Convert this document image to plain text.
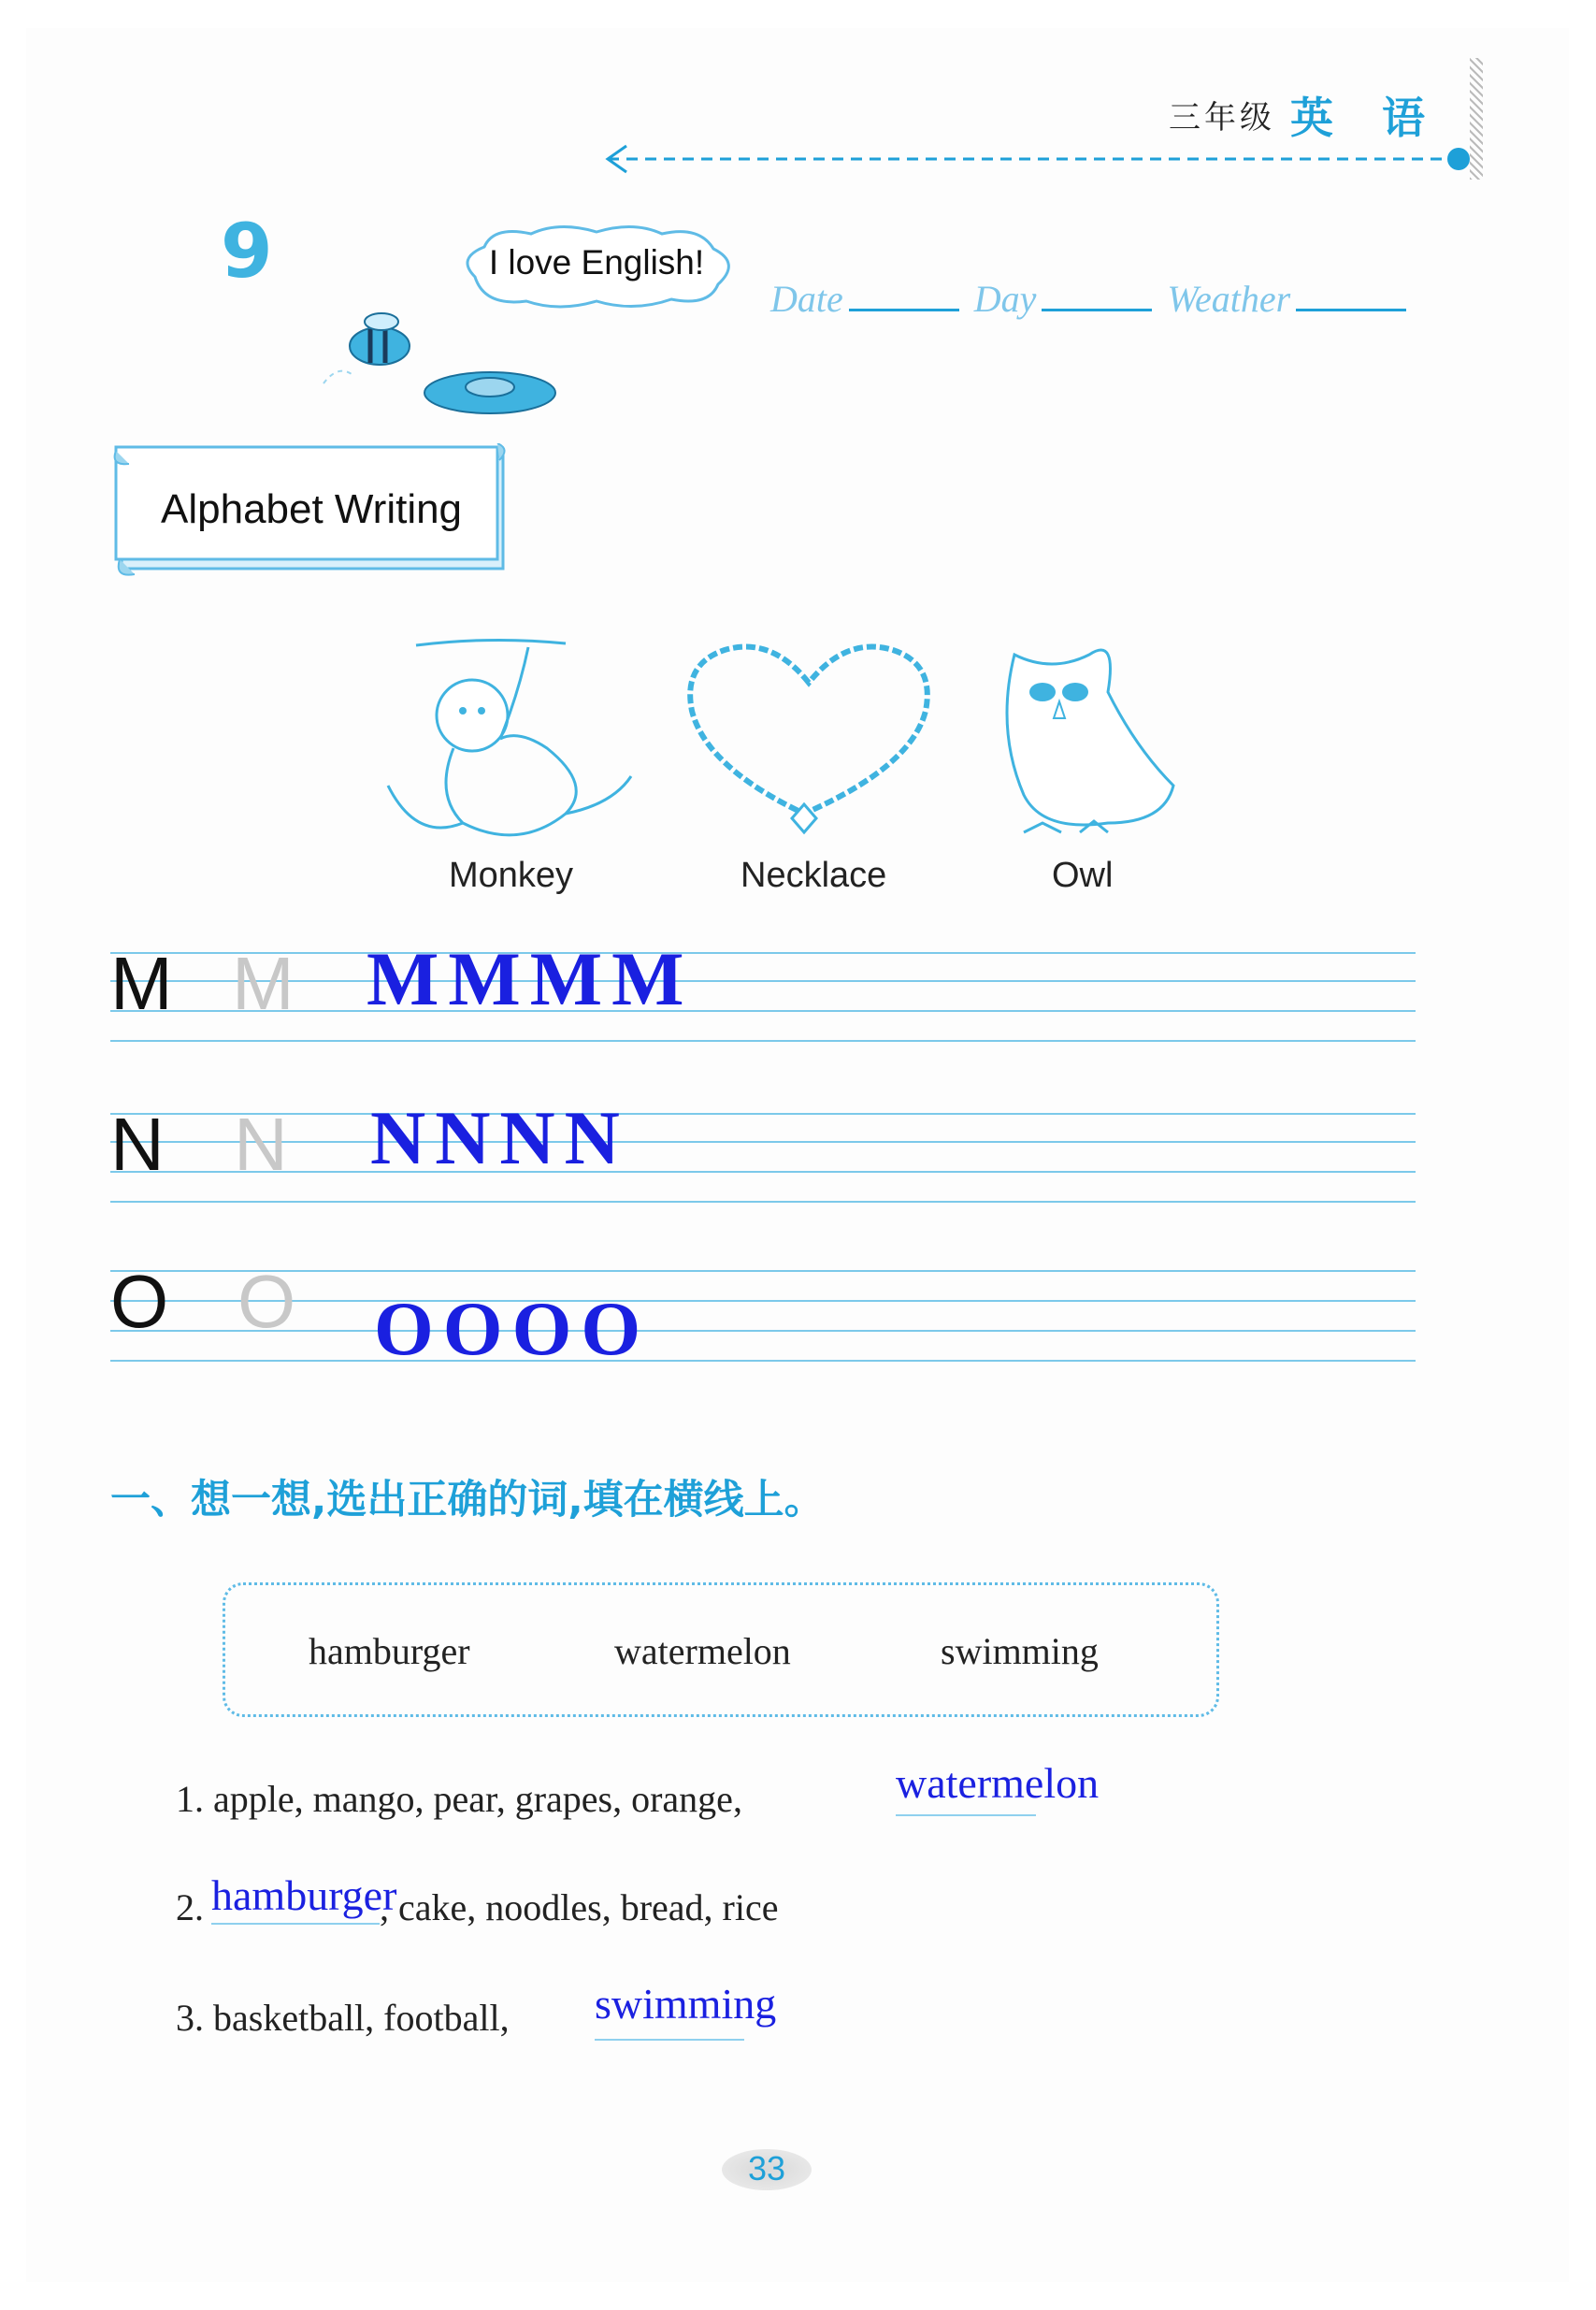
三年级 英 语
9	I love English!
Date	Day	Weather
Alphabet Writing
Monkey	Necklace	Owl
M M MMMM
N N NNNN
O O OOOO
一、想一想,选出正确的词,填在横线上。
hamburger	watermelon	swimming
1. apple, mango, pear, grapes, orange,	watermelon
2. hamburger
, cake, noodles, bread, rice
3. basketball, football, swimming
33
